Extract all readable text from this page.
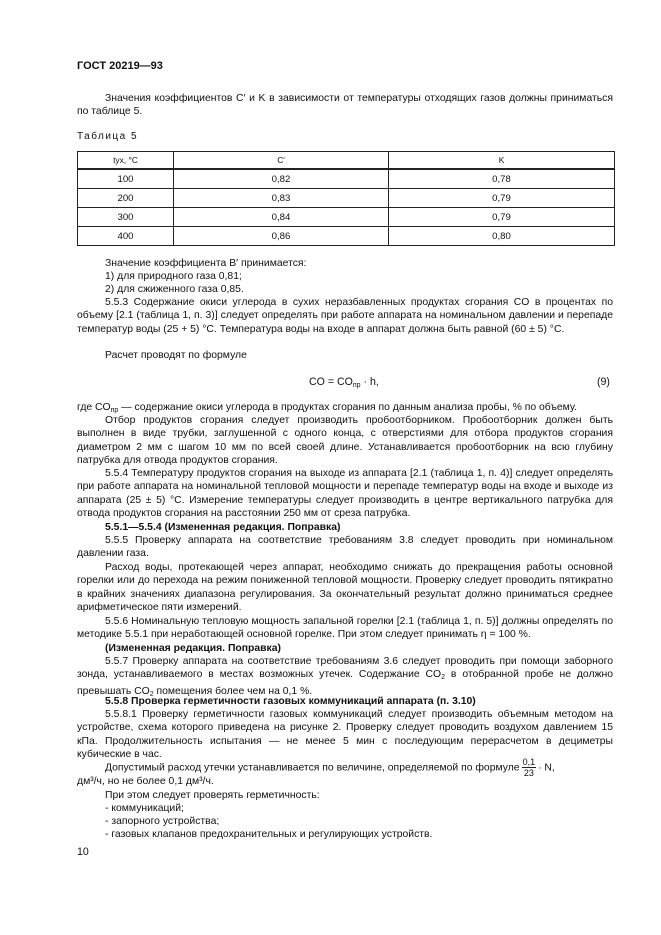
ГОСТ 20219—93

Значения коэффициентов C′ и K в зависимости от температуры отходящих газов должны приниматься по таблице 5.

Таблица 5
tух, °C	C′	K
100	0,82	0,78
200	0,83	0,79
300	0,84	0,79
400	0,86	0,80
Значение коэффициента B′ принимается:
1) для природного газа 0,81;
2) для сжиженного газа 0,85.

5.5.3 Содержание окиси углерода в сухих неразбавленных продуктах сгорания CO в процентах по объему [2.1 (таблица 1, п. 3)] следует определять при работе аппарата на номинальном давлении и перепаде температур воды (25 + 5) °C. Температура воды на входе в аппарат должна быть равной (60 ± 5) °C.

Расчет проводят по формуле
CO = $CO_{пр} \cdot h$,	(9)
где $CO_{пр}$ — содержание окиси углерода в продуктах сгорания по данным анализа пробы, % по объему.

Отбор продуктов сгорания следует производить пробоотборником. Пробоотборник должен быть выполнен в виде трубки, заглушенной с одного конца, с отверстиями для отбора продуктов сгорания диаметром 2 мм с шагом 10 мм по всей своей длине. Устанавливается пробоотборник на всю глубину патрубка для отвода продуктов сгорания.

5.5.4 Температуру продуктов сгорания на выходе из аппарата [2.1 (таблица 1, п. 4)] следует определять при работе аппарата на номинальной тепловой мощности и перепаде температур воды на входе и выходе из аппарата (25 ± 5) °C. Измерение температуры следует производить в центре вертикального патрубка для отвода продуктов сгорания на расстоянии 250 мм от среза патрубка.

5.5.1—5.5.4 (Измененная редакция. Поправка)

5.5.5 Проверку аппарата на соответствие требованиям 3.8 следует проводить при номинальном давлении газа.

Расход воды, протекающей через аппарат, необходимо снижать до прекращения работы основной горелки или до перехода на режим пониженной тепловой мощности. Проверку следует проводить пятикратно в крайних значениях диапазона регулирования. За окончательный результат должно приниматься среднее арифметическое пяти измерений.

5.5.6 Номинальную тепловую мощность запальной горелки [2.1 (таблица 1, п. 5)] должны определять по методике 5.5.1 при неработающей основной горелке. При этом следует принимать η = 100 %.

(Измененная редакция. Поправка)

5.5.7 Проверку аппарата на соответствие требованиям 3.6 следует проводить при помощи заборного зонда, устанавливаемого в местах возможных утечек. Содержание $CO_2$ в отобранной пробе не должно превышать $CO_2$ помещения более чем на 0,1 %.

5.5.8 Проверка герметичности газовых коммуникаций аппарата (п. 3.10)

5.5.8.1 Проверку герметичности газовых коммуникаций следует производить объемным методом на устройстве, схема которого приведена на рисунке 2. Проверку следует проводить воздухом давлением 15 кПа. Продолжительность испытания — не менее 5 мин с последующим перерасчетом в дециметры кубические в час.

Допустимый расход утечки устанавливается по величине, определяемой по формуле $\frac{0,1}{23} \cdot N$,
дм³/ч, но не более 0,1 дм³/ч.
При этом следует проверять герметичность:
- коммуникаций;
- запорного устройства;
- газовых клапанов предохранительных и регулирующих устройств.
10
